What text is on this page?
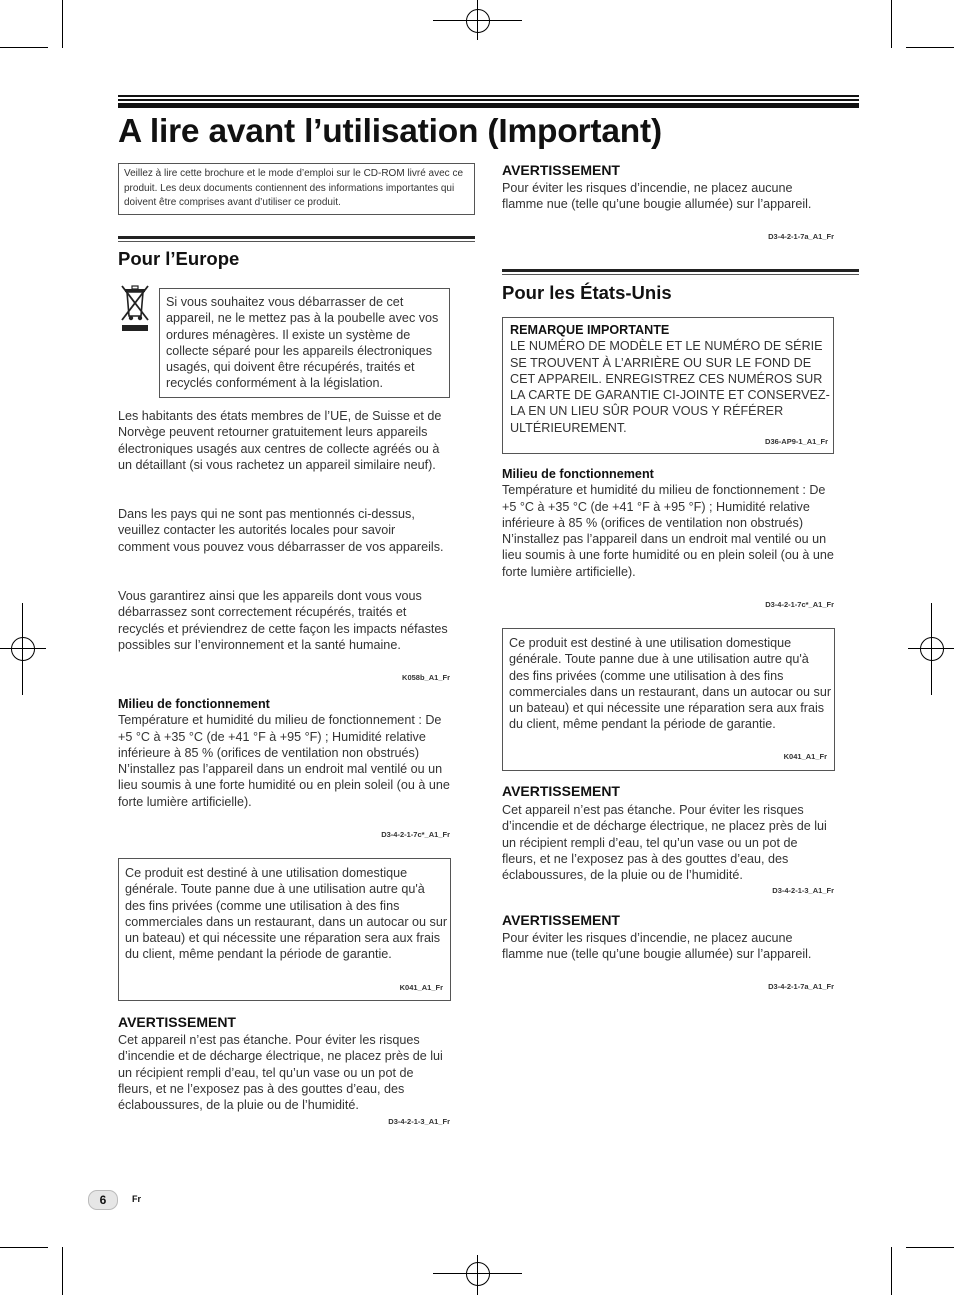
A lire avant l’utilisation (Important)
Veillez à lire cette brochure et le mode d’emploi sur le CD-ROM livré avec ce produit. Les deux documents contiennent des informations importantes qui doivent être comprises avant d’utiliser ce produit.
Pour l’Europe
Si vous souhaitez vous débarrasser de cet appareil, ne le mettez pas à la poubelle avec vos ordures ménagères. Il existe un système de collecte séparé pour les appareils électroniques usagés, qui doivent être récupérés, traités et recyclés conformément à la législation.
Les habitants des états membres de l’UE, de Suisse et de Norvège peuvent retourner gratuitement leurs appareils électroniques usagés aux centres de collecte agréés ou à un détaillant (si vous rachetez un appareil similaire neuf).
Dans les pays qui ne sont pas mentionnés ci-dessus, veuillez contacter les autorités locales pour savoir comment vous pouvez vous débarrasser de vos appareils.
Vous garantirez ainsi que les appareils dont vous vous débarrassez sont correctement récupérés, traités et recyclés et préviendrez de cette façon les impacts néfastes possibles sur l’environnement et la santé humaine.
K058b_A1_Fr

Milieu de fonctionnement

Température et humidité du milieu de fonctionnement : De +5 °C à +35 °C (de +41 °F à +95 °F) ; Humidité relative inférieure à 85 % (orifices de ventilation non obstrués)

N’installez pas l’appareil dans un endroit mal ventilé ou un lieu soumis à une forte humidité ou en plein soleil (ou à une forte lumière artificielle).

D3-4-2-1-7c*_A1_Fr
Ce produit est destiné à une utilisation domestique générale. Toute panne due à une utilisation autre qu'à des fins privées (comme une utilisation à des fins commerciales dans un restaurant, dans un autocar ou sur un bateau) et qui nécessite une réparation sera aux frais du client, même pendant la période de garantie.
K041_A1_Fr
AVERTISSEMENT
Cet appareil n’est pas étanche. Pour éviter les risques d’incendie et de décharge électrique, ne placez près de lui un récipient rempli d’eau, tel qu’un vase ou un pot de fleurs, et ne l’exposez pas à des gouttes d’eau, des éclaboussures, de la pluie ou de l’humidité.
D3-4-2-1-3_A1_Fr
AVERTISSEMENT
Pour éviter les risques d’incendie, ne placez aucune flamme nue (telle qu’une bougie allumée) sur l’appareil.
D3-4-2-1-7a_A1_Fr
Pour les États-Unis

REMARQUE IMPORTANTE

LE NUMÉRO DE MODÈLE ET LE NUMÉRO DE SÉRIE SE TROUVENT À L’ARRIÈRE OU SUR LE FOND DE CET APPAREIL. ENREGISTREZ CES NUMÉROS SUR LA CARTE DE GARANTIE CI-JOINTE ET CONSERVEZ-LA EN UN LIEU SÛR POUR VOUS Y RÉFÉRER ULTÉRIEUREMENT.

D36-AP9-1_A1_Fr

Milieu de fonctionnement

Température et humidité du milieu de fonctionnement : De +5 °C à +35 °C (de +41 °F à +95 °F) ; Humidité relative inférieure à 85 % (orifices de ventilation non obstrués)

N’installez pas l’appareil dans un endroit mal ventilé ou un lieu soumis à une forte humidité ou en plein soleil (ou à une forte lumière artificielle).

D3-4-2-1-7c*_A1_Fr
Ce produit est destiné à une utilisation domestique générale. Toute panne due à une utilisation autre qu'à des fins privées (comme une utilisation à des fins commerciales dans un restaurant, dans un autocar ou sur un bateau) et qui nécessite une réparation sera aux frais du client, même pendant la période de garantie.
K041_A1_Fr
AVERTISSEMENT
Cet appareil n’est pas étanche. Pour éviter les risques d’incendie et de décharge électrique, ne placez près de lui un récipient rempli d’eau, tel qu’un vase ou un pot de fleurs, et ne l’exposez pas à des gouttes d’eau, des éclaboussures, de la pluie ou de l’humidité.
D3-4-2-1-3_A1_Fr
AVERTISSEMENT
Pour éviter les risques d’incendie, ne placez aucune flamme nue (telle qu’une bougie allumée) sur l’appareil.
D3-4-2-1-7a_A1_Fr
6	Fr
